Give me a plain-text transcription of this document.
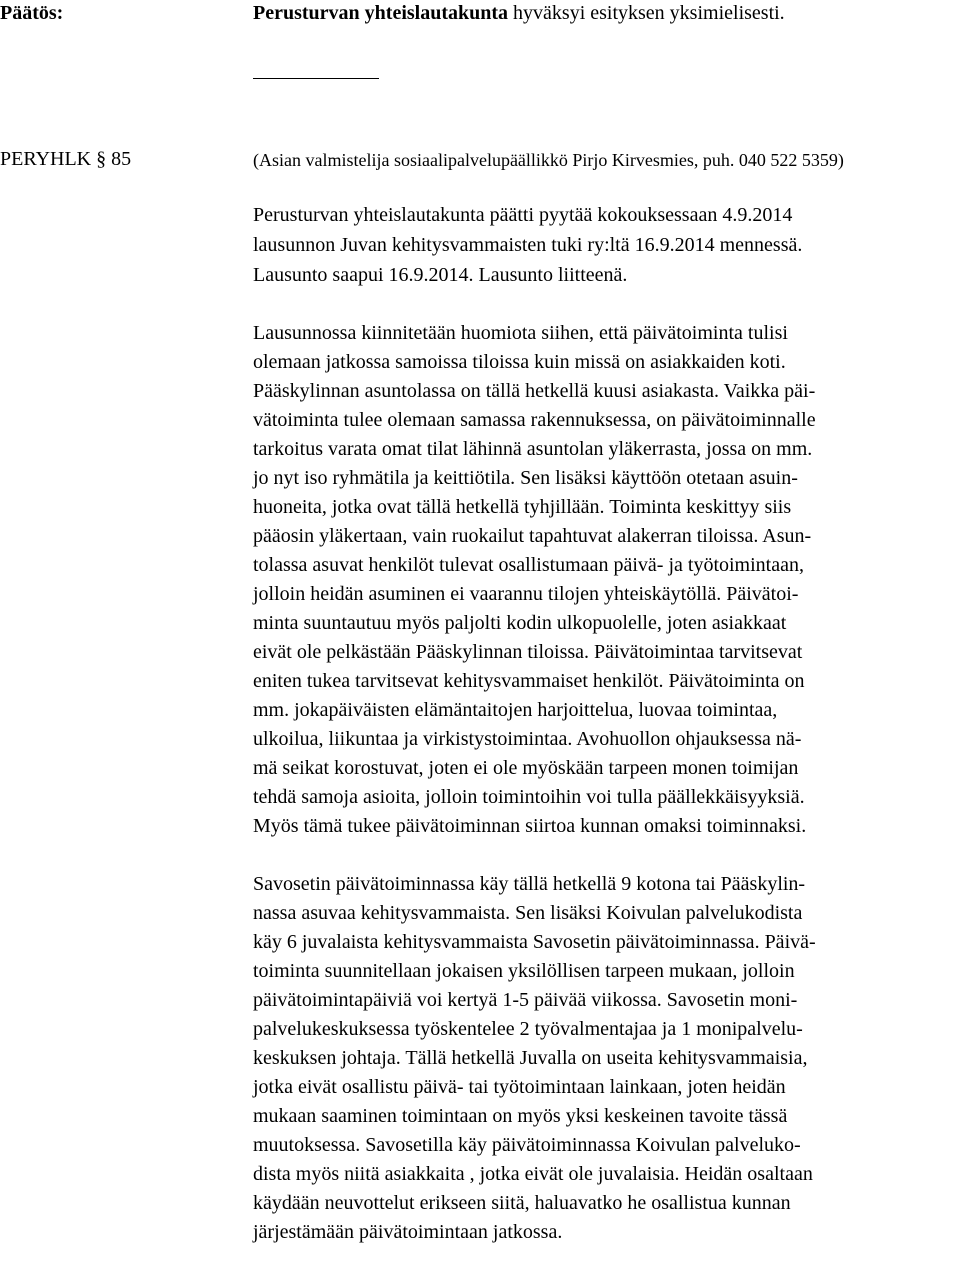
Päätös:	Perusturvan yhteislautakunta hyväksyi esityksen yksimielisesti.
PERYHLK § 85	(Asian valmistelija sosiaalipalvelupäällikkö Pirjo Kirvesmies, puh. 040 522 5359)
Perusturvan yhteislautakunta päätti pyytää kokouksessaan 4.9.2014
lausunnon Juvan kehitysvammaisten tuki ry:ltä 16.9.2014 mennessä.
Lausunto saapui 16.9.2014. Lausunto liitteenä.
Lausunnossa kiinnitetään huomiota siihen, että päivätoiminta tulisi
olemaan jatkossa samoissa tiloissa kuin missä on asiakkaiden koti.
Pääskylinnan asuntolassa on tällä hetkellä kuusi asiakasta. Vaikka päi-
vätoiminta tulee olemaan samassa rakennuksessa, on päivätoiminnalle
tarkoitus varata omat tilat lähinnä asuntolan yläkerrasta, jossa on mm.
jo nyt iso ryhmätila ja keittiötila. Sen lisäksi käyttöön otetaan asuin-
huoneita, jotka ovat tällä hetkellä tyhjillään. Toiminta keskittyy siis
pääosin yläkertaan, vain ruokailut tapahtuvat alakerran tiloissa. Asun-
tolassa asuvat henkilöt tulevat osallistumaan päivä- ja työtoimintaan,
jolloin heidän asuminen ei vaarannu tilojen yhteiskäytöllä. Päivätoi-
minta suuntautuu myös paljolti kodin ulkopuolelle, joten asiakkaat
eivät ole pelkästään Pääskylinnan tiloissa. Päivätoimintaa tarvitsevat
eniten tukea tarvitsevat kehitysvammaiset henkilöt. Päivätoiminta on
mm. jokapäiväisten elämäntaitojen harjoittelua, luovaa toimintaa,
ulkoilua, liikuntaa ja virkistystoimintaa. Avohuollon ohjauksessa nä-
mä seikat korostuvat, joten ei ole myöskään tarpeen monen toimijan
tehdä samoja asioita, jolloin toimintoihin voi tulla päällekkäisyyksiä.
Myös tämä tukee päivätoiminnan siirtoa kunnan omaksi toiminnaksi.
Savosetin päivätoiminnassa käy tällä hetkellä 9 kotona tai Pääskylin-
nassa asuvaa kehitysvammaista. Sen lisäksi Koivulan palvelukodista
käy 6 juvalaista kehitysvammaista Savosetin päivätoiminnassa. Päivä-
toiminta suunnitellaan jokaisen yksilöllisen tarpeen mukaan, jolloin
päivätoimintapäiviä voi kertyä 1-5 päivää viikossa. Savosetin moni-
palvelukeskuksessa työskentelee 2 työvalmentajaa ja 1 monipalvelu-
keskuksen johtaja. Tällä hetkellä Juvalla on useita kehitysvammaisia,
jotka eivät osallistu päivä- tai työtoimintaan lainkaan, joten heidän
mukaan saaminen toimintaan on myös yksi keskeinen tavoite tässä
muutoksessa. Savosetilla käy päivätoiminnassa Koivulan palveluko-
dista myös niitä asiakkaita , jotka eivät ole juvalaisia. Heidän osaltaan
käydään neuvottelut erikseen siitä, haluavatko he osallistua kunnan
järjestämään päivätoimintaan jatkossa.
